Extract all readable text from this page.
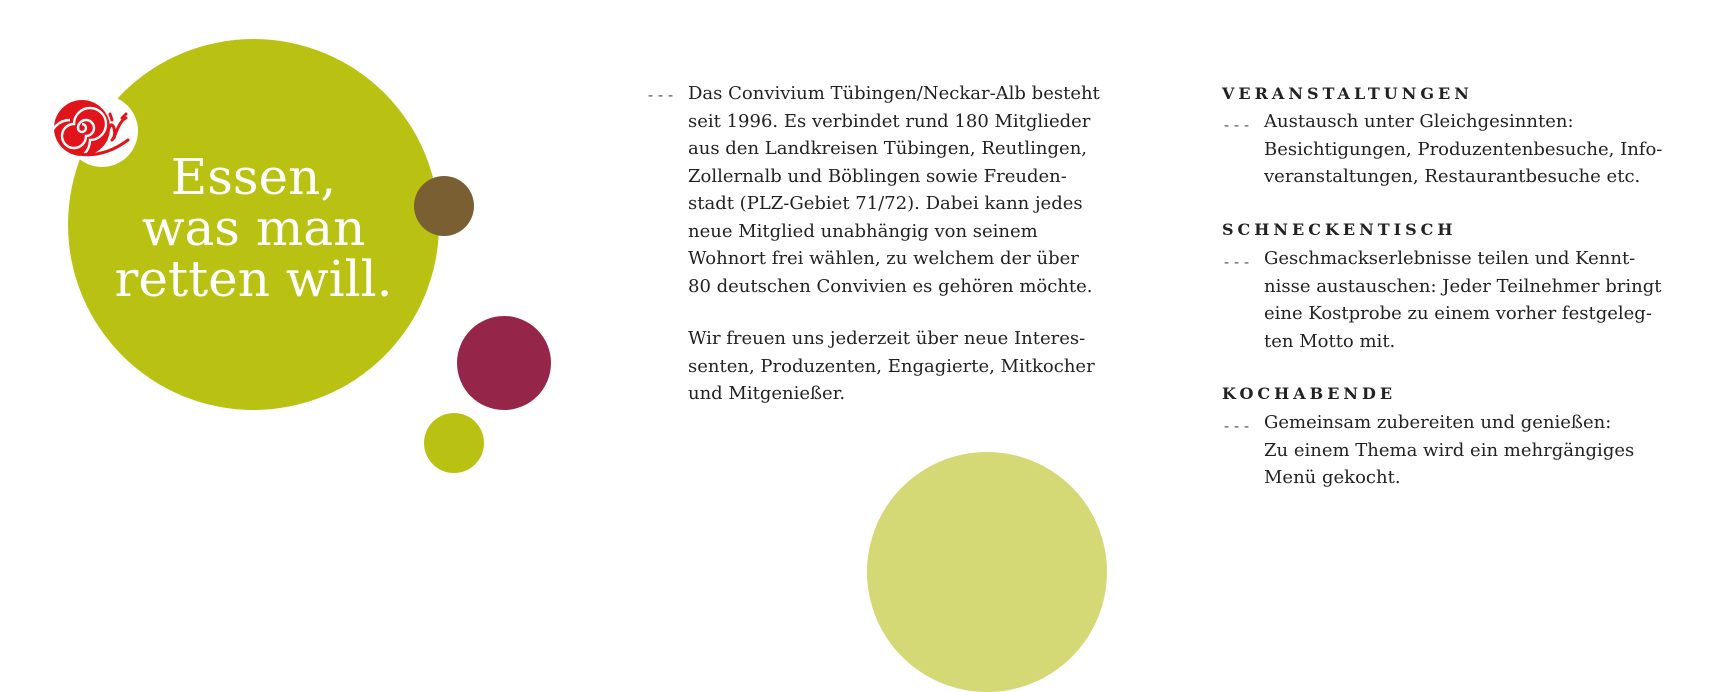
Essen,
was man
retten will.
--- Das Convivium Tübingen/Neckar-Alb besteht
seit 1996. Es verbindet rund 180 Mitglieder
aus den Landkreisen Tübingen, Reutlingen,
Zollernalb und Böblingen sowie Freuden-
stadt (PLZ-Gebiet 71/72). Dabei kann jedes
neue Mitglied unabhängig von seinem
Wohnort frei wählen, zu welchem der über
80 deutschen Convivien es gehören möchte.
Wir freuen uns jederzeit über neue Interes-
senten, Produzenten, Engagierte, Mitkocher
und Mitgenießer.
VERANSTALTUNGEN
--- Austausch unter Gleichgesinnten:
Besichtigungen, Produzentenbesuche, Info-
veranstaltungen, Restaurantbesuche etc.
SCHNECKENTISCH
--- Geschmackserlebnisse teilen und Kennt-
nisse austauschen: Jeder Teilnehmer bringt
eine Kostprobe zu einem vorher festgeleg-
ten Motto mit.
KOCHABENDE
--- Gemeinsam zubereiten und genießen:
Zu einem Thema wird ein mehrgängiges
Menü gekocht.
